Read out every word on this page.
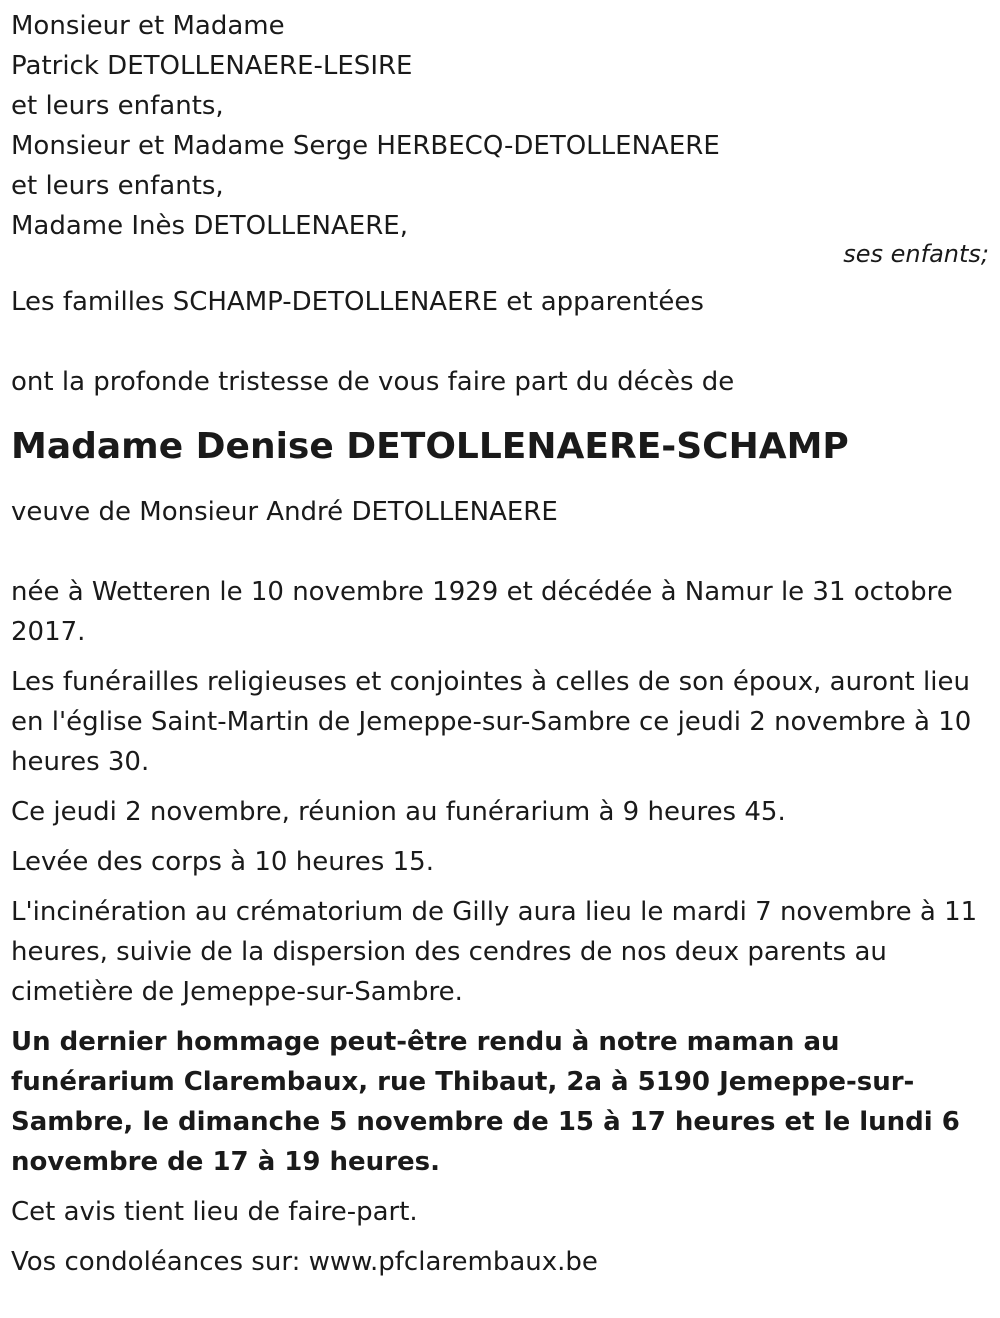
Monsieur et Madame
Patrick DETOLLENAERE-LESIRE
et leurs enfants,
Monsieur et Madame Serge HERBECQ-DETOLLENAERE
et leurs enfants,
Madame Inès DETOLLENAERE,
ses enfants;
Les familles SCHAMP-DETOLLENAERE et apparentées
ont la profonde tristesse de vous faire part du décès de
Madame Denise DETOLLENAERE-SCHAMP
veuve de Monsieur André DETOLLENAERE

née à Wetteren le 10 novembre 1929 et décédée à Namur le 31 octobre 2017.

Les funérailles religieuses et conjointes à celles de son époux, auront lieu en l'église Saint-Martin de Jemeppe-sur-Sambre ce jeudi 2 novembre à 10 heures 30.

Ce jeudi 2 novembre, réunion au funérarium à 9 heures 45.

Levée des corps à 10 heures 15.

L'incinération au crématorium de Gilly aura lieu le mardi 7 novembre à 11 heures, suivie de la dispersion des cendres de nos deux parents au cimetière de Jemeppe-sur-Sambre.

Un dernier hommage peut-être rendu à notre maman au funérarium Clarembaux, rue Thibaut, 2a à 5190 Jemeppe-sur-Sambre, le dimanche 5 novembre de 15 à 17 heures et le lundi 6 novembre de 17 à 19 heures.

Cet avis tient lieu de faire-part.

Vos condoléances sur: www.pfclarembaux.be
